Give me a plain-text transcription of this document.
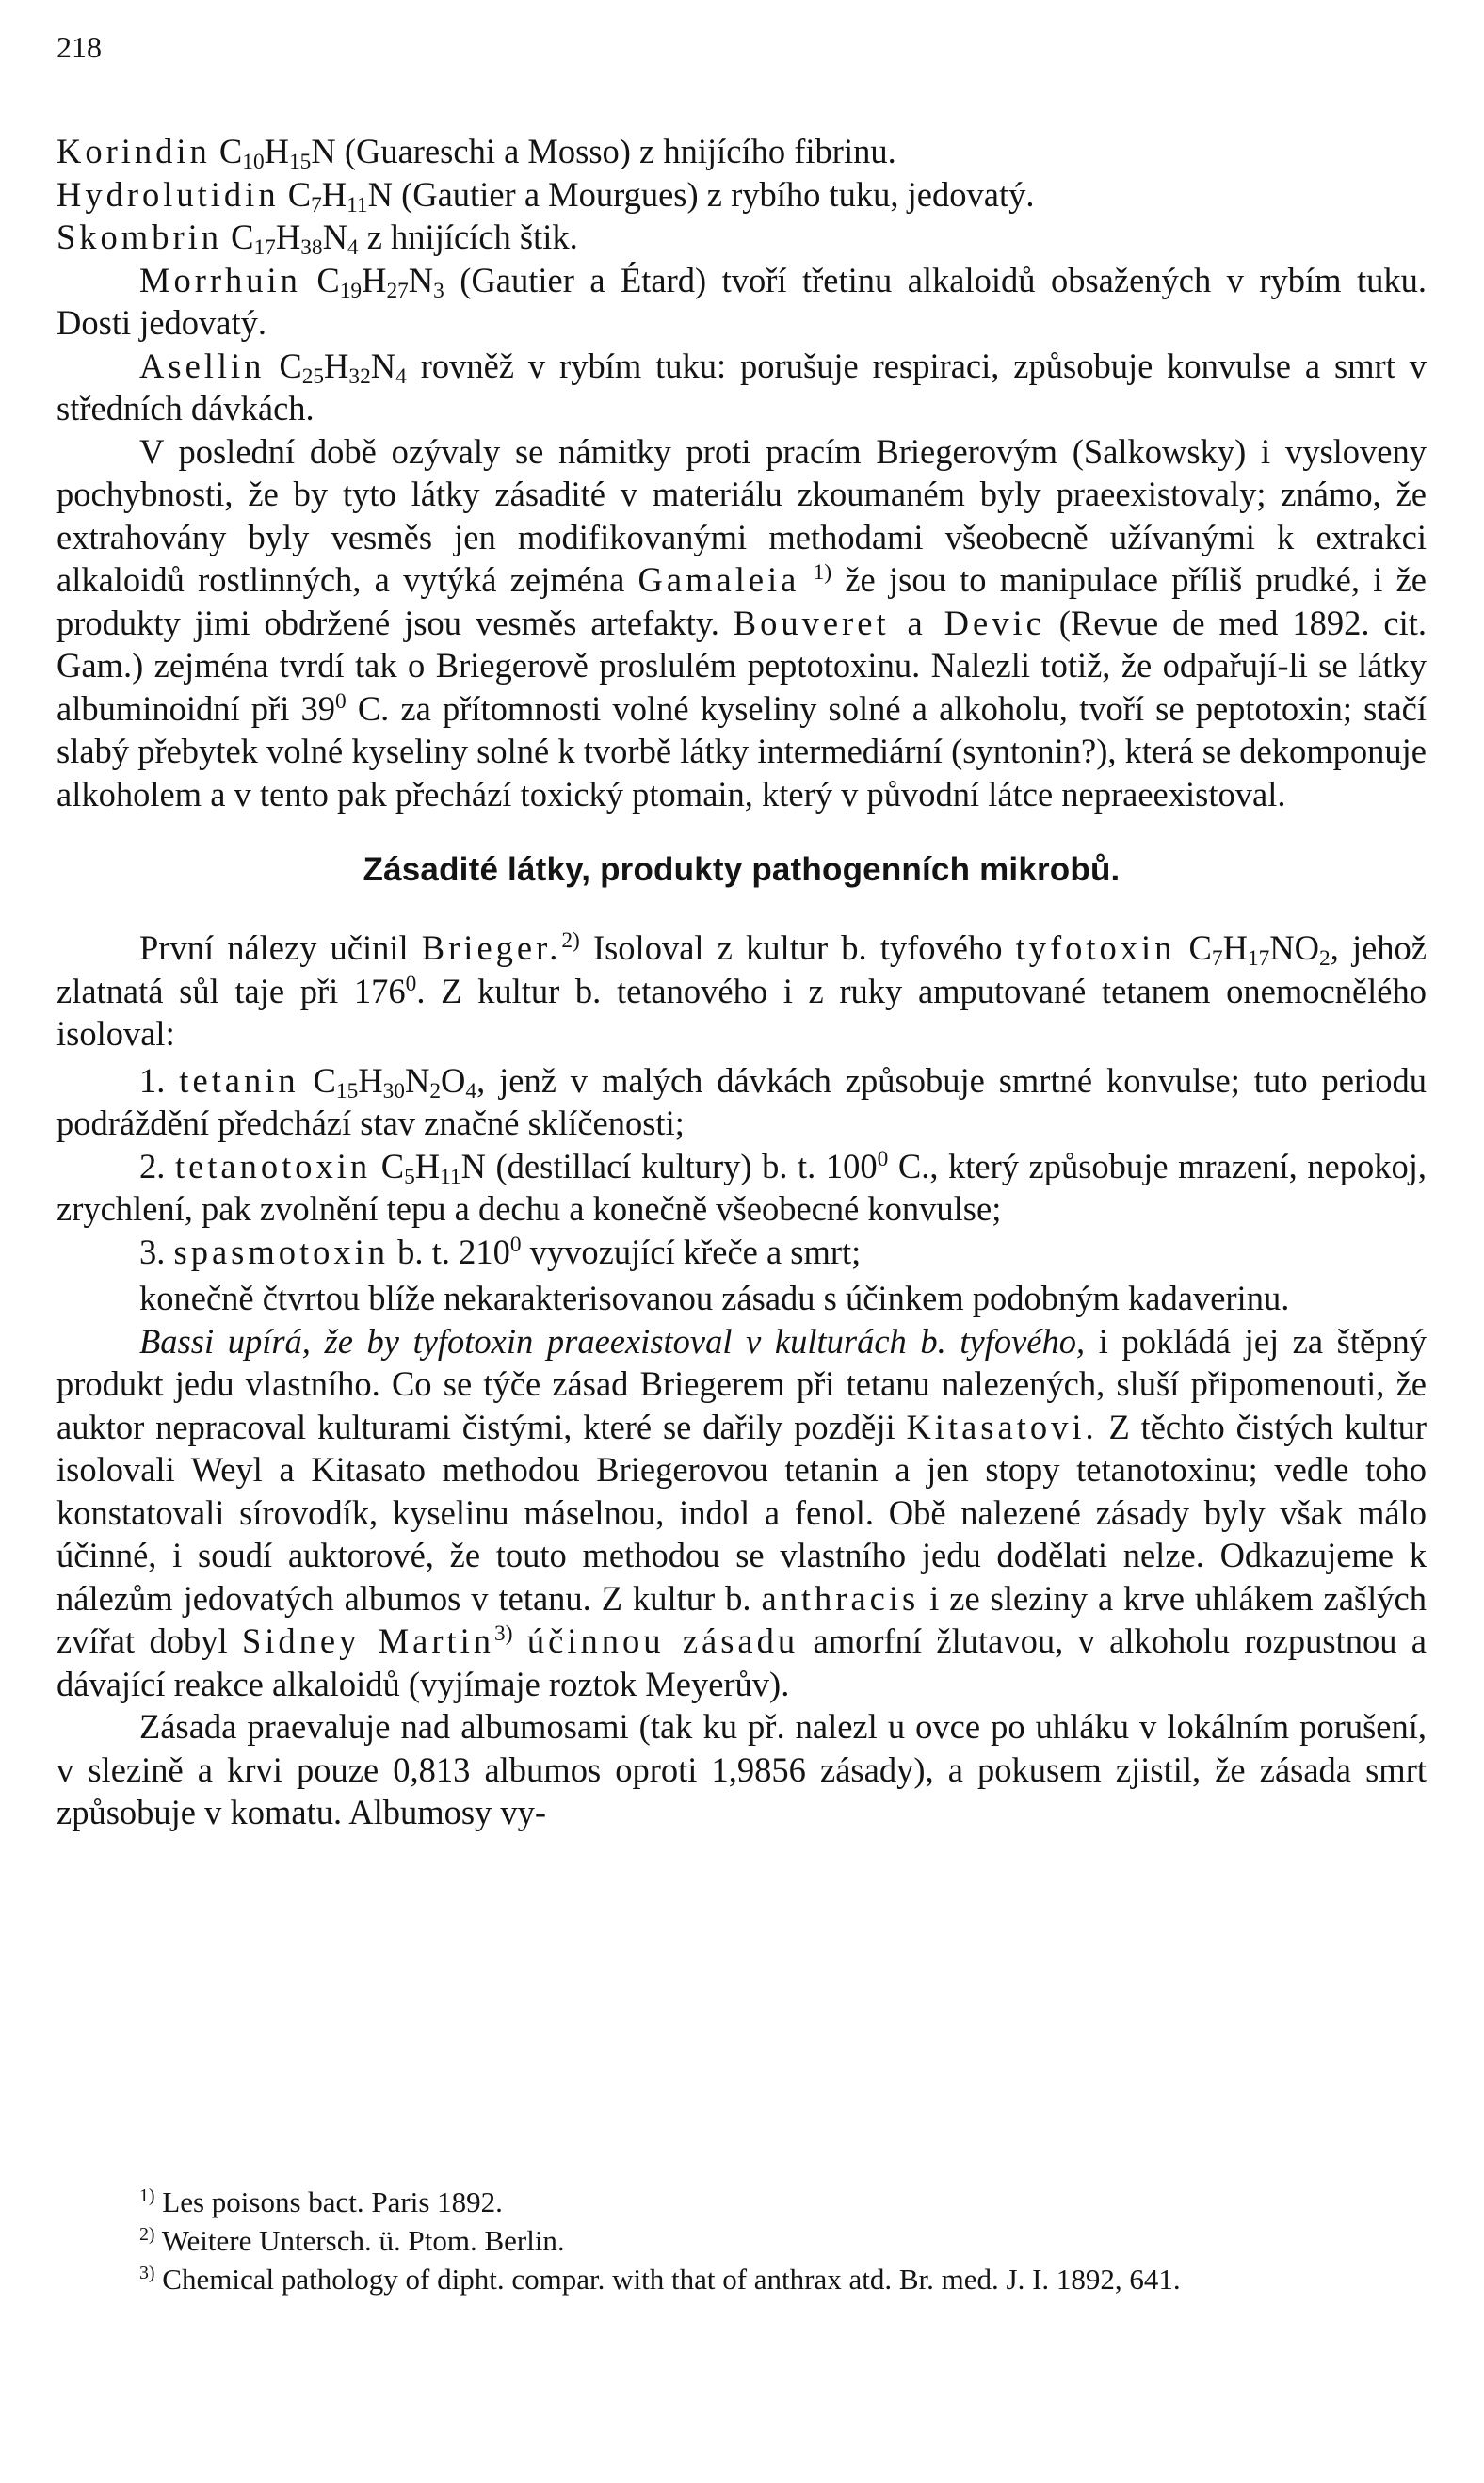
218

Korindin $C_{10}H_{15}N$ (Guareschi a Mosso) z hnijícího fibrinu.

Hydrolutidin $C_7H_{11}N$ (Gautier a Mourgues) z rybího tuku, jedovatý.

Skombrin $C_{17}H_{38}N_4$ z hnijících štik.

Morrhuin $C_{19}H_{27}N_3$ (Gautier a Étard) tvoří třetinu alkaloidů obsažených v rybím tuku. Dosti jedovatý.

Asellin $C_{25}H_{32}N_4$ rovněž v rybím tuku: porušuje respiraci, způsobuje konvulse a smrt v středních dávkách.

V poslední době ozývaly se námitky proti pracím Briegerovým (Salkowsky) i vysloveny pochybnosti, že by tyto látky zásadité v materiálu zkoumaném byly praeexistovaly; známo, že extrahovány byly vesměs jen modifikovanými methodami všeobecně užívanými k extrakci alkaloidů rostlinných, a vytýká zejména Gamaleia $^{1)}$ že jsou to manipulace příliš prudké, i že produkty jimi obdržené jsou vesměs artefakty. Bouveret a Devic (Revue de med 1892. cit. Gam.) zejména tvrdí tak o Briegerově proslulém peptotoxinu. Nalezli totiž, že odpařují-li se látky albuminoidní při $39^0$ C. za přítomnosti volné kyseliny solné a alkoholu, tvoří se peptotoxin; stačí slabý přebytek volné kyseliny solné k tvorbě látky intermediární (syntonin?), která se dekomponuje alkoholem a v tento pak přechází toxický ptomain, který v původní látce nepraeexistoval.

Zásadité látky, produkty pathogenních mikrobů.

První nálezy učinil Brieger.$^{2)}$ Isoloval z kultur b. tyfového tyfotoxin $C_7H_{17}NO_2$, jehož zlatnatá sůl taje při $176^0$. Z kultur b. tetanového i z ruky amputované tetanem onemocnělého isoloval:

1. tetanin $C_{15}H_{30}N_2O_4$, jenž v malých dávkách způsobuje smrtné konvulse; tuto periodu podráždění předchází stav značné sklíčenosti;

2. tetanotoxin $C_5H_{11}N$ (destillací kultury) b. t. $100^0$ C., který způsobuje mrazení, nepokoj, zrychlení, pak zvolnění tepu a dechu a konečně všeobecné konvulse;

3. spasmotoxin b. t. $210^0$ vyvozující křeče a smrt;

konečně čtvrtou blíže nekarakterisovanou zásadu s účinkem podobným kadaverinu.

Bassi upírá, že by tyfotoxin praeexistoval v kulturách b. tyfového, i pokládá jej za štěpný produkt jedu vlastního. Co se týče zásad Briegerem při tetanu nalezených, sluší připomenouti, že auktor nepracoval kulturami čistými, které se dařily později Kitasatovi. Z těchto čistých kultur isolovali Weyl a Kitasato methodou Briegerovou tetanin a jen stopy tetanotoxinu; vedle toho konstatovali sírovodík, kyselinu máselnou, indol a fenol. Obě nalezené zásady byly však málo účinné, i soudí auktorové, že touto methodou se vlastního jedu dodělati nelze. Odkazujeme k nálezům jedovatých albumos v tetanu. Z kultur b. anthracis i ze sleziny a krve uhlákem zašlých zvířat dobyl Sidney Martin$^{3)}$ účinnou zásadu amorfní žlutavou, v alkoholu rozpustnou a dávající reakce alkaloidů (vyjímaje roztok Meyerův).

Zásada praevaluje nad albumosami (tak ku př. nalezl u ovce po uhláku v lokálním porušení, v slezině a krvi pouze 0,813 albumos oproti 1,9856 zásady), a pokusem zjistil, že zásada smrt způsobuje v komatu. Albumosy vy-

$^{1)}$ Les poisons bact. Paris 1892.

$^{2)}$ Weitere Untersch. ü. Ptom. Berlin.

$^{3)}$ Chemical pathology of dipht. compar. with that of anthrax atd. Br. med. J. I. 1892, 641.
